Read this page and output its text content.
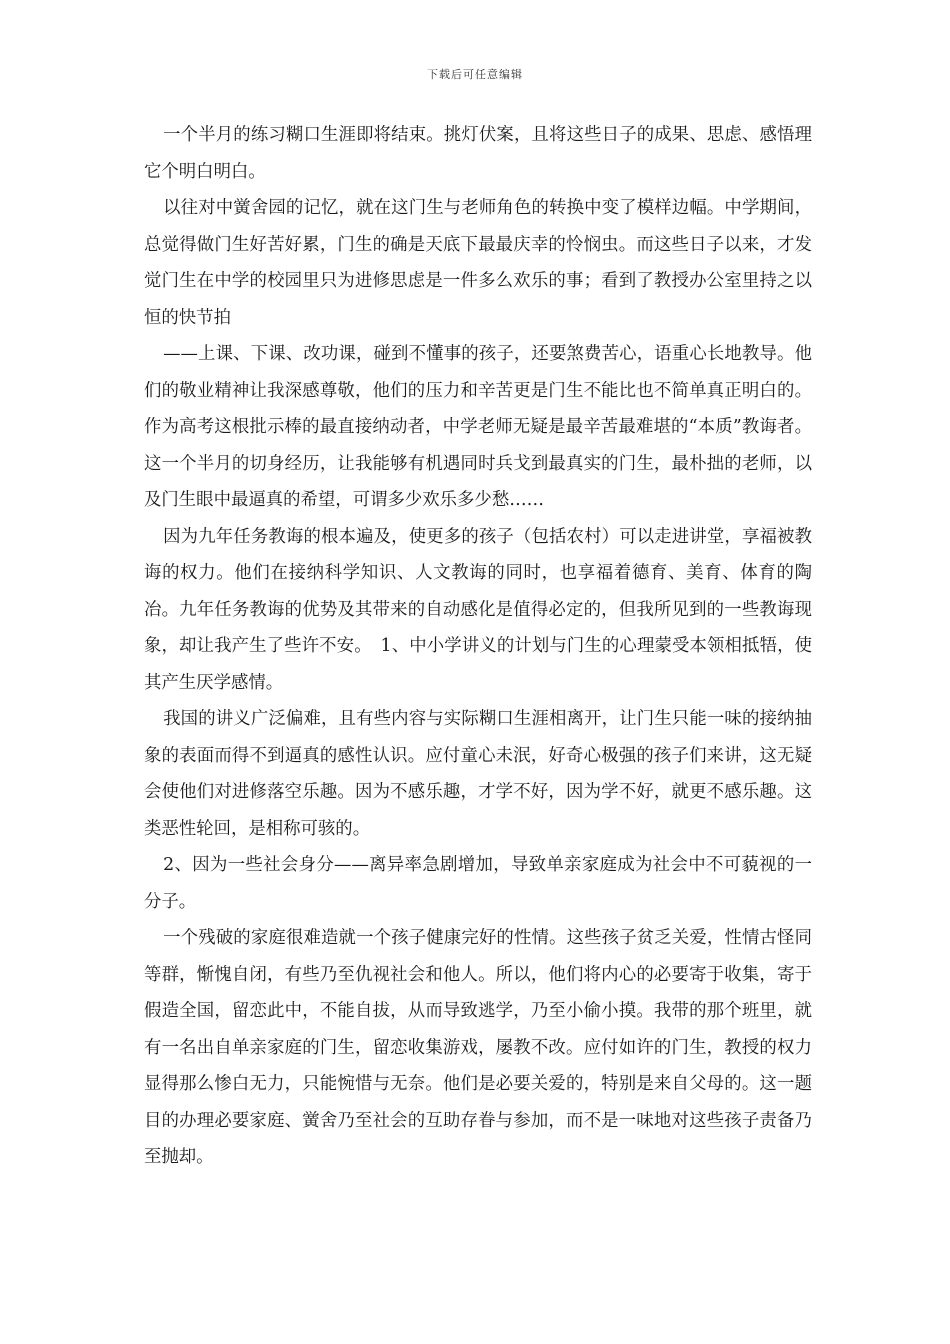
下载后可任意编辑

一个半月的练习糊口生涯即将结束。挑灯伏案，且将这些日子的成果、思虑、感悟理它个明白明白。

以往对中黉舍园的记忆，就在这门生与老师角色的转换中变了模样边幅。中学期间，总觉得做门生好苦好累，门生的确是天底下最最庆幸的怜悯虫。而这些日子以来，才发觉门生在中学的校园里只为进修思虑是一件多么欢乐的事；看到了教授办公室里持之以恒的快节拍

——上课、下课、改功课，碰到不懂事的孩子，还要煞费苦心，语重心长地教导。他们的敬业精神让我深感尊敬，他们的压力和辛苦更是门生不能比也不简单真正明白的。作为高考这根批示棒的最直接纳动者，中学老师无疑是最辛苦最难堪的“本质”教诲者。这一个半月的切身经历，让我能够有机遇同时兵戈到最真实的门生，最朴拙的老师，以及门生眼中最逼真的希望，可谓多少欢乐多少愁……

因为九年任务教诲的根本遍及，使更多的孩子（包括农村）可以走进讲堂，享福被教诲的权力。他们在接纳科学知识、人文教诲的同时，也享福着德育、美育、体育的陶冶。九年任务教诲的优势及其带来的自动感化是值得必定的，但我所见到的一些教诲现象，却让我产生了些许不安。　1、中小学讲义的计划与门生的心理蒙受本领相抵牾，使其产生厌学感情。

我国的讲义广泛偏难，且有些内容与实际糊口生涯相离开，让门生只能一味的接纳抽象的表面而得不到逼真的感性认识。应付童心未泯，好奇心极强的孩子们来讲，这无疑会使他们对进修落空乐趣。因为不感乐趣，才学不好，因为学不好，就更不感乐趣。这类恶性轮回，是相称可骇的。

2、因为一些社会身分——离异率急剧增加，导致单亲家庭成为社会中不可藐视的一分子。

一个残破的家庭很难造就一个孩子健康完好的性情。这些孩子贫乏关爱，性情古怪同等群，惭愧自闭，有些乃至仇视社会和他人。所以，他们将内心的必要寄于收集，寄于假造全国，留恋此中，不能自拔，从而导致逃学，乃至小偷小摸。我带的那个班里，就有一名出自单亲家庭的门生，留恋收集游戏，屡教不改。应付如许的门生，教授的权力显得那么惨白无力，只能惋惜与无奈。他们是必要关爱的，特别是来自父母的。这一题目的办理必要家庭、黉舍乃至社会的互助存眷与参加，而不是一味地对这些孩子责备乃至抛却。
